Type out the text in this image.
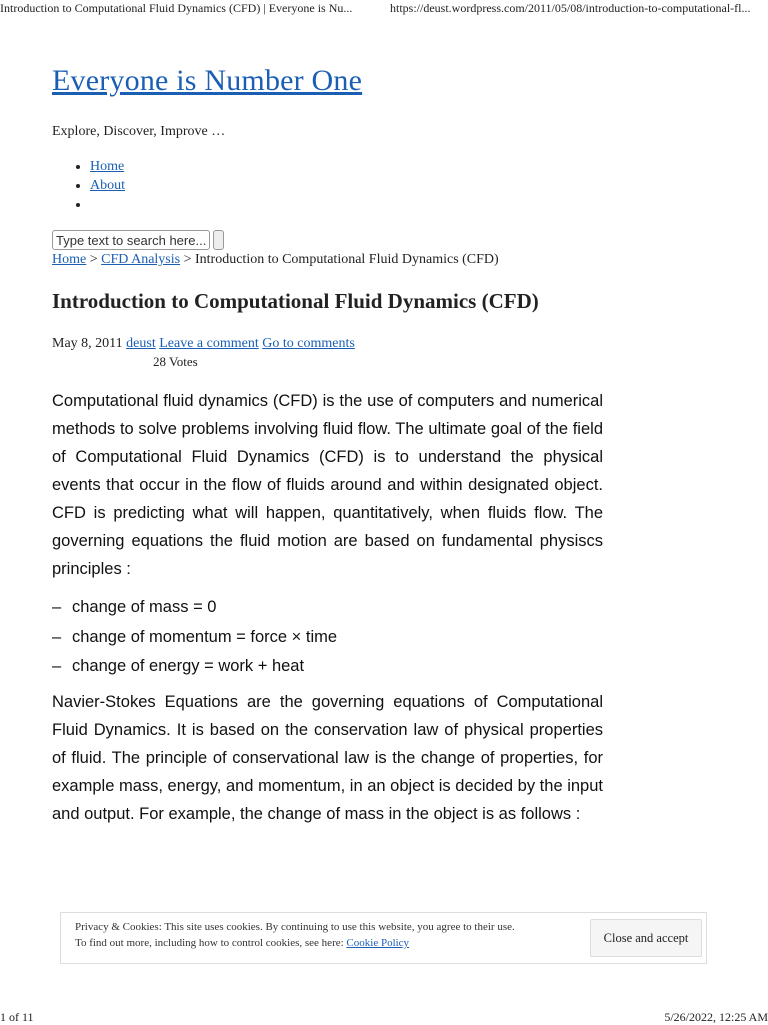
Introduction to Computational Fluid Dynamics (CFD) | Everyone is Nu...	https://deust.wordpress.com/2011/05/08/introduction-to-computational-fl...
Everyone is Number One
Explore, Discover, Improve …
• Home
• About
•
Type text to search here...
Home > CFD Analysis > Introduction to Computational Fluid Dynamics (CFD)
Introduction to Computational Fluid Dynamics (CFD)
May 8, 2011 deust Leave a comment Go to comments
28 Votes

Computational fluid dynamics (CFD) is the use of computers and numerical methods to solve problems involving fluid flow. The ultimate goal of the field of Computational Fluid Dynamics (CFD) is to understand the physical events that occur in the flow of fluids around and within designated object. CFD is predicting what will happen, quantitatively, when fluids flow. The governing equations the fluid motion are based on fundamental physiscs principles :

– change of mass = 0
– change of momentum = force × time
– change of energy = work + heat

Navier-Stokes Equations are the governing equations of Computational Fluid Dynamics. It is based on the conservation law of physical properties of fluid. The principle of conservational law is the change of properties, for example mass, energy, and momentum, in an object is decided by the input and output. For example, the change of mass in the object is as follows :

Privacy & Cookies: This site uses cookies. By continuing to use this website, you agree to their use.
To find out more, including how to control cookies, see here: Cookie Policy	Close and accept
1 of 11	5/26/2022, 12:25 AM
